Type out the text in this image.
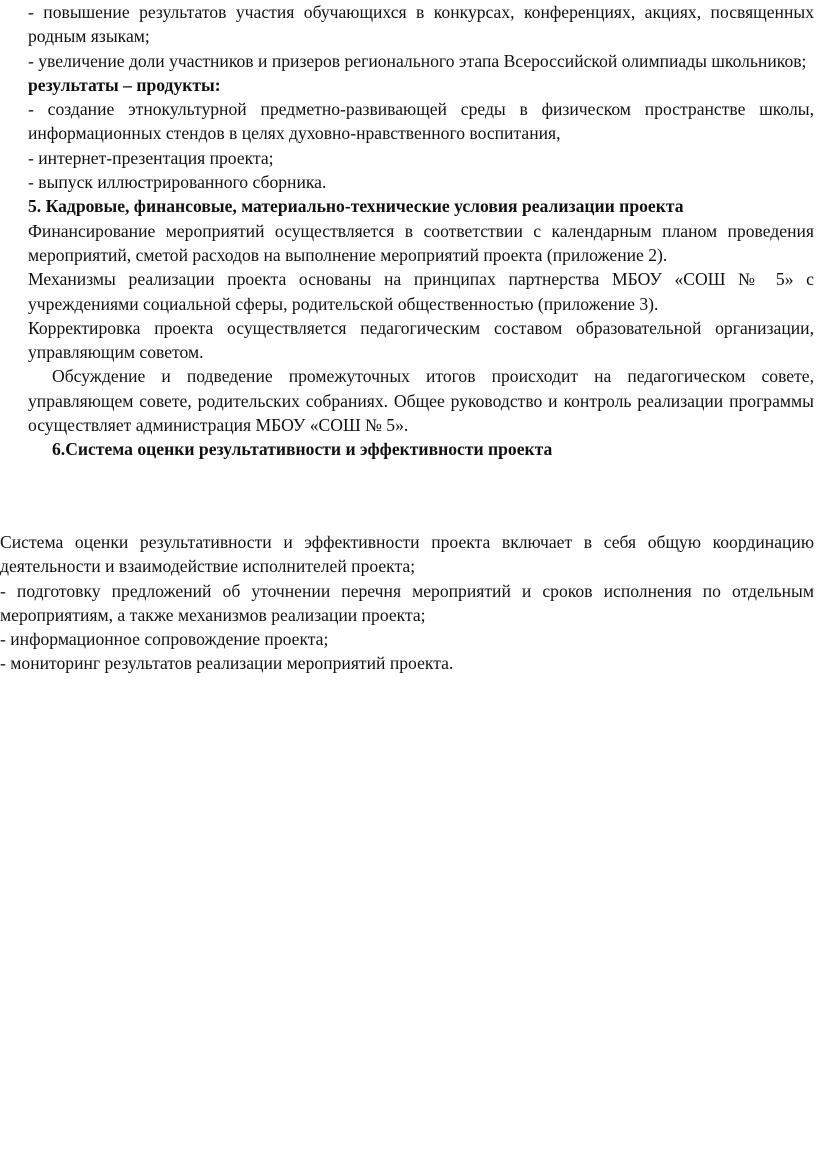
- повышение результатов участия обучающихся в конкурсах, конференциях, акциях, посвященных родным языкам;

- увеличение доли участников и призеров регионального этапа Всероссийской олимпиады школьников;

результаты – продукты:

- создание этнокультурной предметно-развивающей среды в физическом пространстве школы, информационных стендов в целях духовно-нравственного воспитания,

- интернет-презентация проекта;

- выпуск иллюстрированного сборника.

5. Кадровые, финансовые, материально-технические условия реализации проекта

Финансирование мероприятий осуществляется в соответствии с календарным планом проведения мероприятий, сметой расходов на выполнение мероприятий проекта (приложение 2).

Механизмы реализации проекта основаны на принципах партнерства МБОУ «СОШ № 5» с учреждениями социальной сферы, родительской общественностью (приложение 3).

Корректировка проекта осуществляется педагогическим составом образовательной организации, управляющим советом.

Обсуждение и подведение промежуточных итогов происходит на педагогическом совете, управляющем совете, родительских собраниях. Общее руководство и контроль реализации программы осуществляет администрация МБОУ «СОШ № 5».

6.Система оценки результативности и эффективности проекта

Система оценки результативности и эффективности проекта включает в себя общую координацию деятельности и взаимодействие исполнителей проекта;

- подготовку предложений об уточнении перечня мероприятий и сроков исполнения по отдельным мероприятиям, а также механизмов реализации проекта;

- информационное сопровождение проекта;

- мониторинг результатов реализации мероприятий проекта.
